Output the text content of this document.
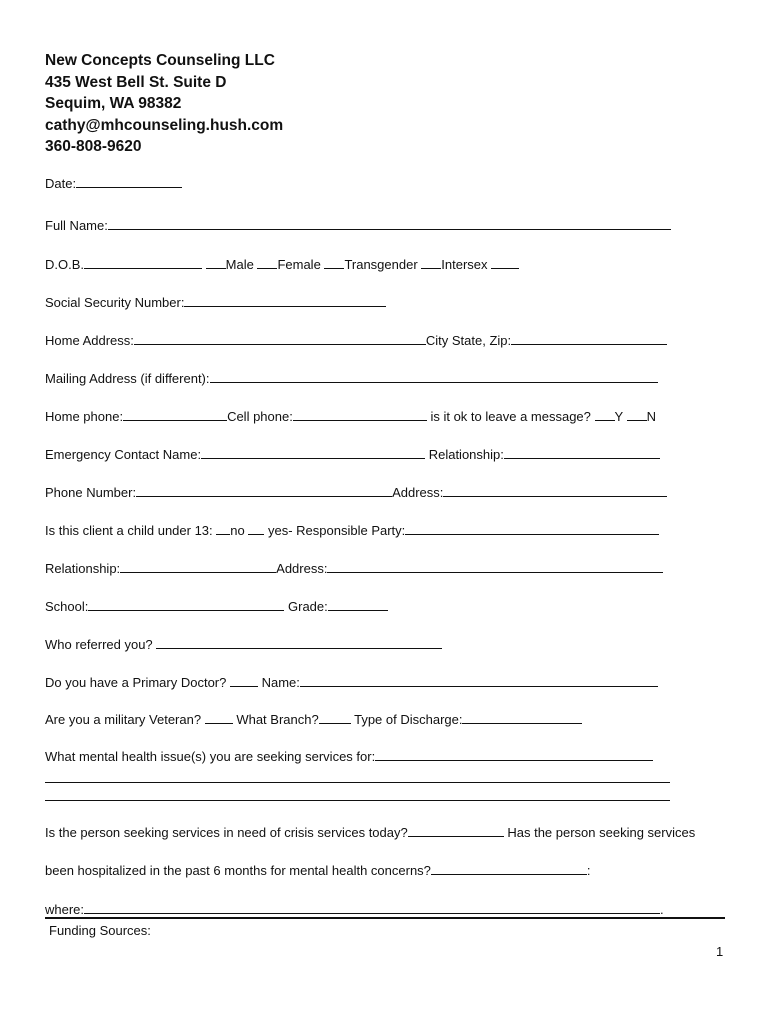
New Concepts Counseling LLC
435 West Bell St. Suite D
Sequim, WA 98382
cathy@mhcounseling.hush.com
360-808-9620
Date:
Full Name:
D.O.B.	Male Female Transgender Intersex
Social Security Number:
Home Address:	City State, Zip:
Mailing Address (if different):
Home phone:	Cell phone:	is it ok to leave a message? Y N
Emergency Contact Name:	Relationship:
Phone Number:	Address:
Is this client a child under 13: no yes- Responsible Party:
Relationship:	Address:
School:	Grade:
Who referred you?
Do you have a Primary Doctor?	Name:
Are you a military Veteran?	What Branch?	Type of Discharge:
What mental health issue(s) you are seeking services for:
Is the person seeking services in need of crisis services today?	Has the person seeking services
been hospitalized in the past 6 months for mental health concerns?	:
where:	.
Funding Sources:
1
